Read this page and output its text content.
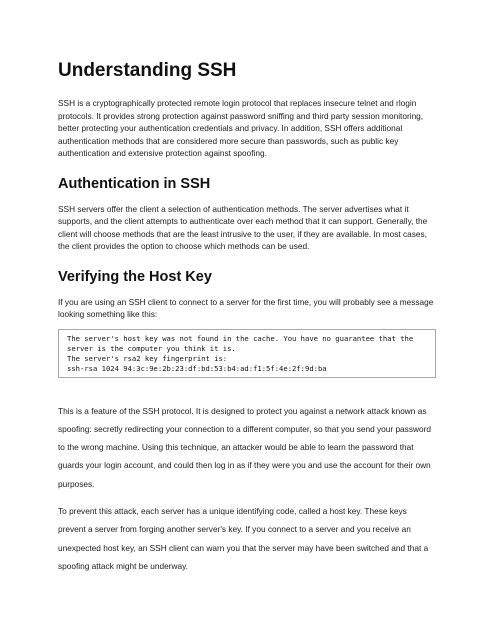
Understanding SSH

SSH is a cryptographically protected remote login protocol that replaces insecure telnet and rlogin protocols. It provides strong protection against password sniffing and third party session monitoring, better protecting your authentication credentials and privacy. In addition, SSH offers additional authentication methods that are considered more secure than passwords, such as public key authentication and extensive protection against spoofing.

Authentication in SSH

SSH servers offer the client a selection of authentication methods. The server advertises what it supports, and the client attempts to authenticate over each method that it can support. Generally, the client will choose methods that are the least intrusive to the user, if they are available. In most cases, the client provides the option to choose which methods can be used.

Verifying the Host Key

If you are using an SSH client to connect to a server for the first time, you will probably see a message looking something like this:

The server's host key was not found in the cache. You have no guarantee that the server is the computer you think it is.
The server's rsa2 key fingerprint is:
ssh-rsa 1024 94:3c:9e:2b:23:df:bd:53:b4:ad:f1:5f:4e:2f:9d:ba

This is a feature of the SSH protocol. It is designed to protect you against a network attack known as spoofing: secretly redirecting your connection to a different computer, so that you send your password to the wrong machine. Using this technique, an attacker would be able to learn the password that guards your login account, and could then log in as if they were you and use the account for their own purposes.

To prevent this attack, each server has a unique identifying code, called a host key. These keys prevent a server from forging another server's key. If you connect to a server and you receive an unexpected host key, an SSH client can warn you that the server may have been switched and that a spoofing attack might be underway.
